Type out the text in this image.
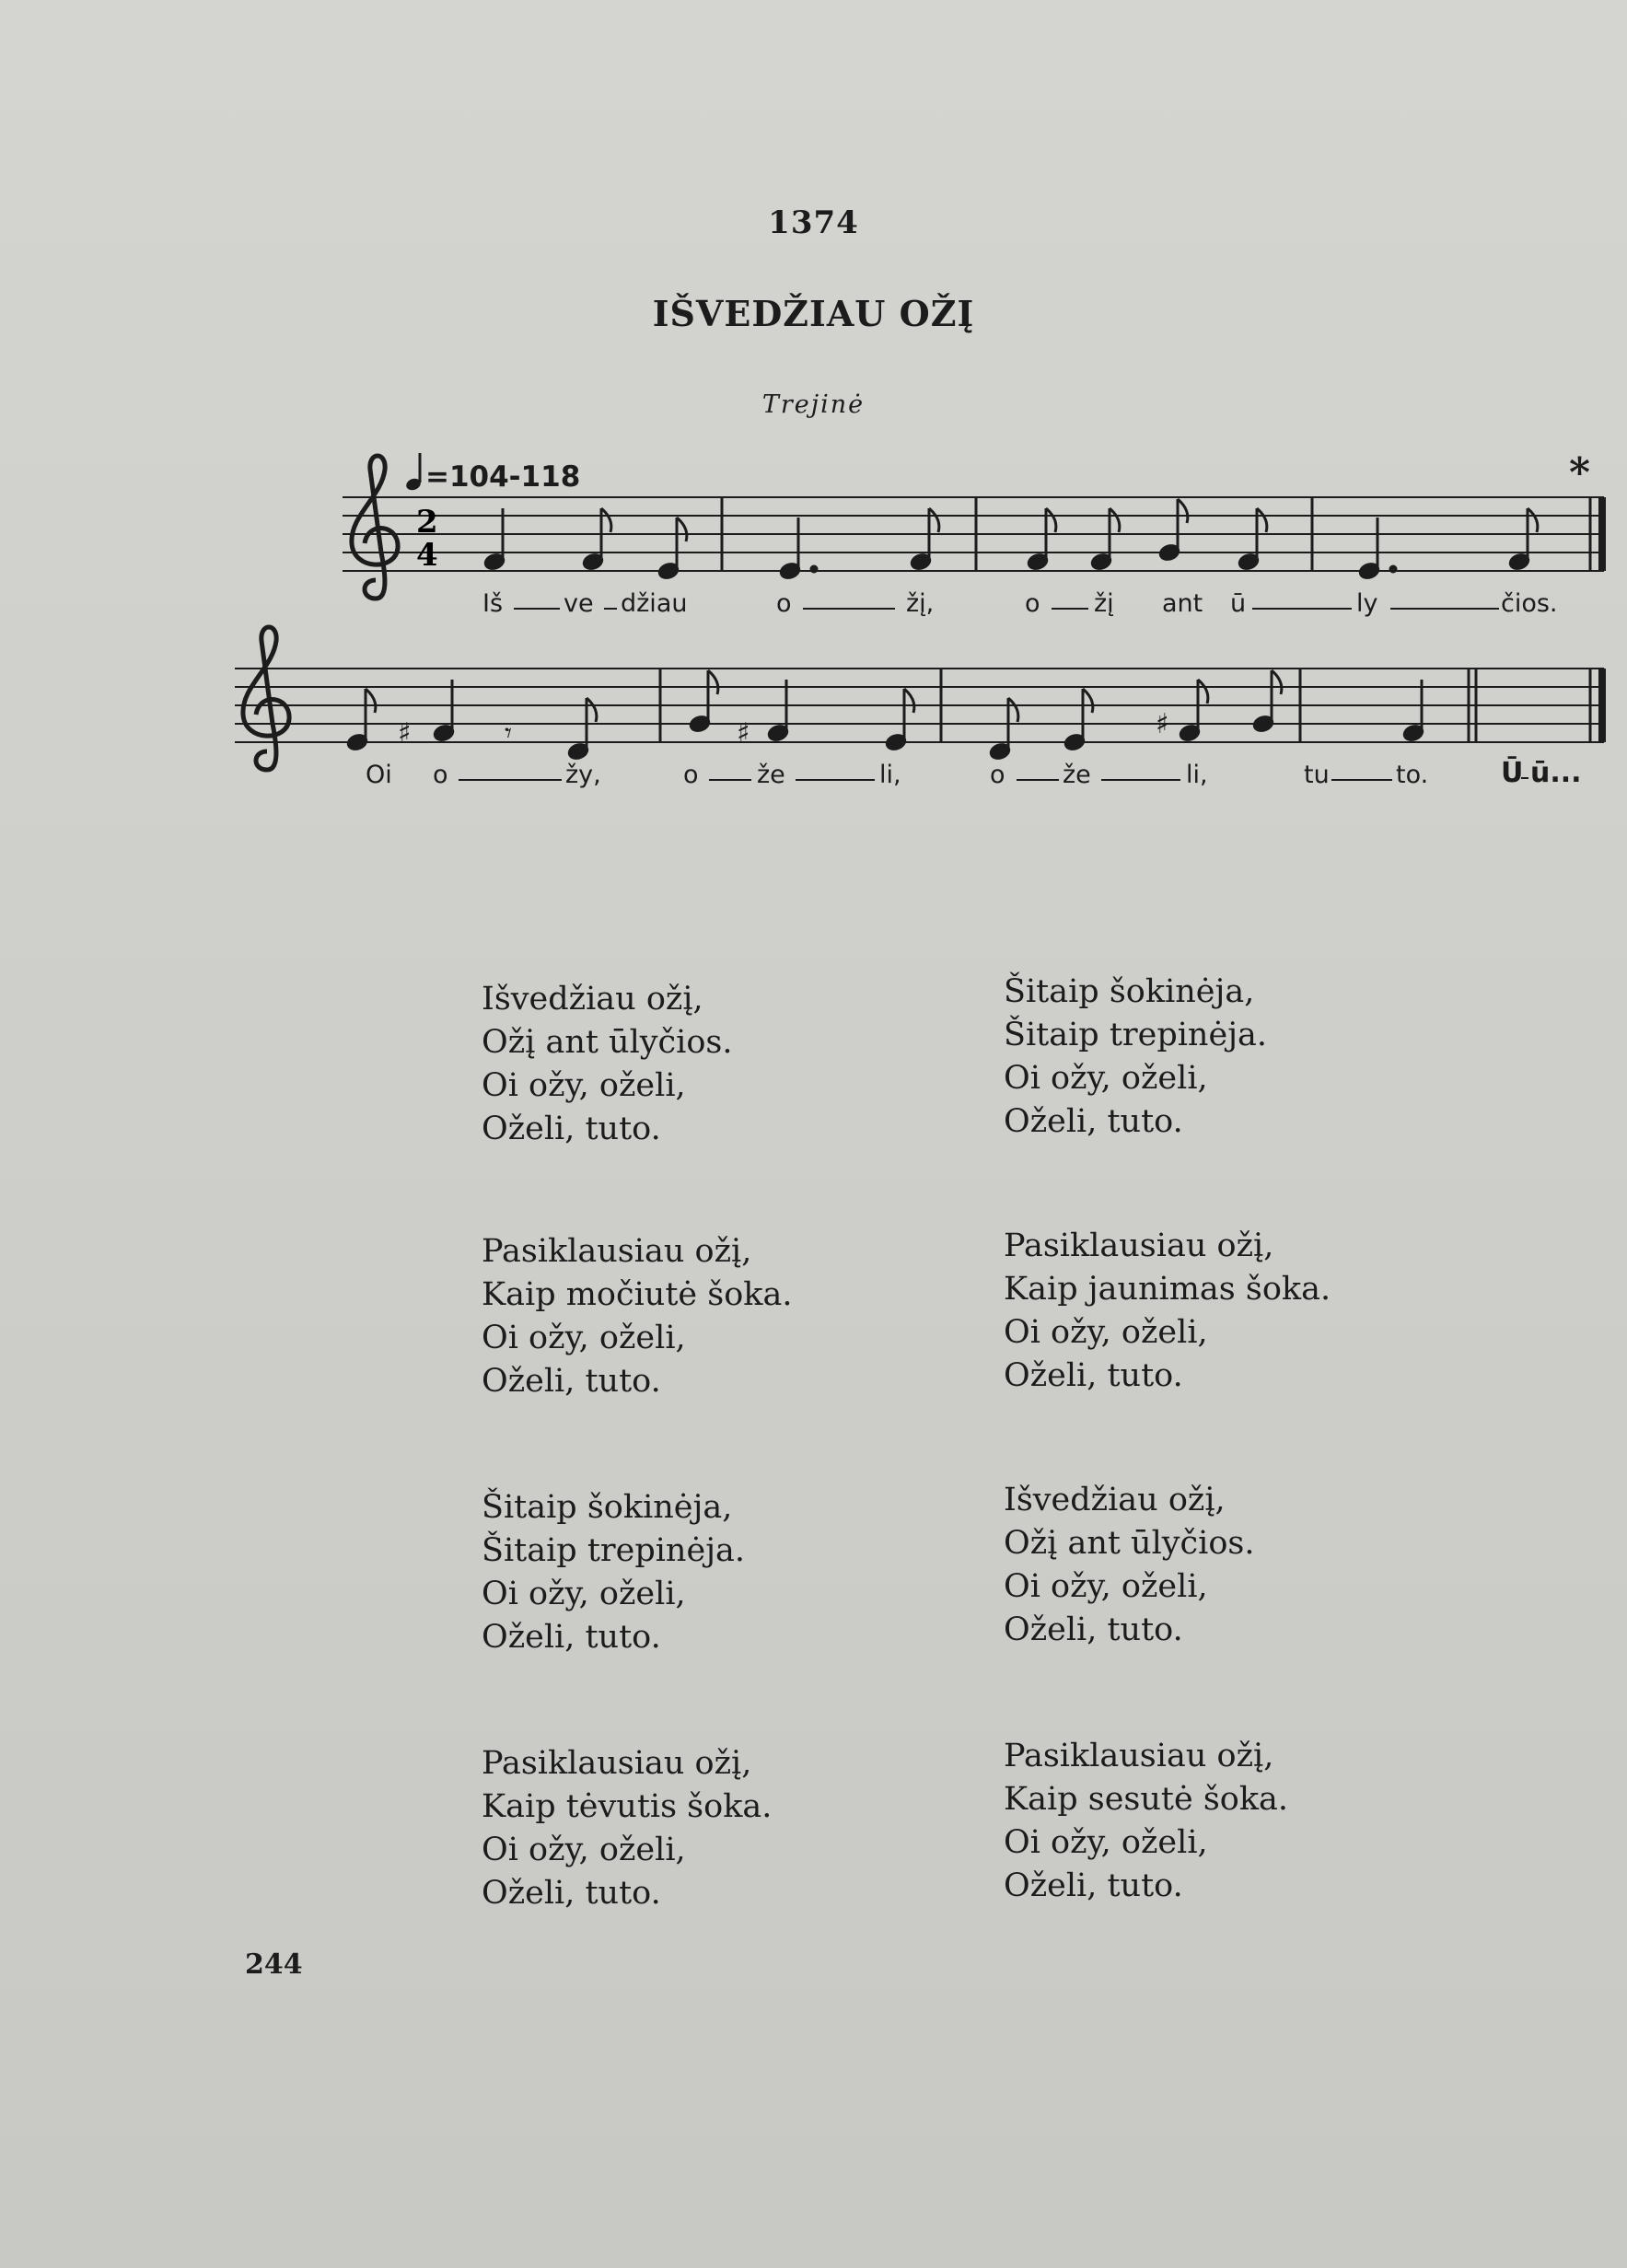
1374
IŠVEDŽIAU OŽĮ
Trejinė
=104-118	*
2
4
♯	𝄾	♯	♯
Iš ve džiau	o	žį,	o žį ant ū	ly	čios.
Oi o	žy,	o že	li,	o že	li,	tu	to.	Ū ū...
Išvedžiau ožį,
Ožį ant ūlyčios.
Oi ožy, oželi,
Oželi, tuto.
Pasiklausiau ožį,
Kaip močiutė šoka.
Oi ožy, oželi,
Oželi, tuto.
Šitaip šokinėja,
Šitaip trepinėja.
Oi ožy, oželi,
Oželi, tuto.
Pasiklausiau ožį,
Kaip tėvutis šoka.
Oi ožy, oželi,
Oželi, tuto.
Šitaip šokinėja,
Šitaip trepinėja.
Oi ožy, oželi,
Oželi, tuto.
Pasiklausiau ožį,
Kaip jaunimas šoka.
Oi ožy, oželi,
Oželi, tuto.
Išvedžiau ožį,
Ožį ant ūlyčios.
Oi ožy, oželi,
Oželi, tuto.
Pasiklausiau ožį,
Kaip sesutė šoka.
Oi ožy, oželi,
Oželi, tuto.
244
